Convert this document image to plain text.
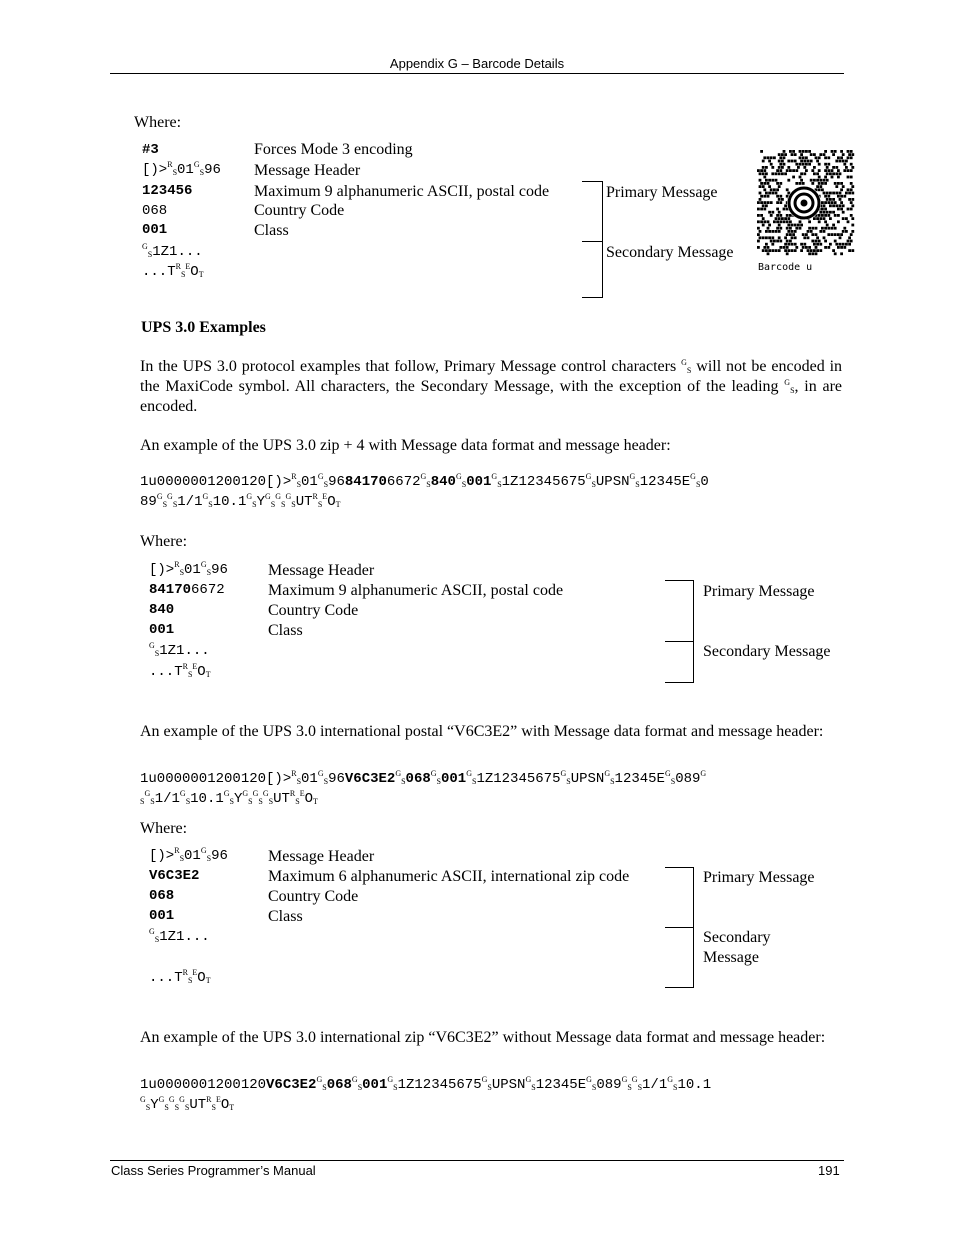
Appendix G – Barcode Details
Where:
#3	Forces Mode 3 encoding
$[)>^R_S01^G_S96$ Message Header
123456	Maximum 9 alphanumeric ASCII, postal code
068	Country Code
001	Class
$^G_S$1Z1...
$...T^R_S^EO_T$
Primary Message
Secondary Message
Barcode u
UPS 3.0 Examples
In the UPS 3.0 protocol examples that follow, Primary Message control characters $^G_S$ will not be encoded in the MaxiCode symbol. All characters, the Secondary Message, with the exception of the leading $^G_S$, in are encoded.
An example of the UPS 3.0 zip + 4 with Message data format and message header:
$1u0000001200120[)>^R_S01^G_S96841706672^G_S840^G_S001^G_S1Z12345675^G_SUPSN^G_S12345E^G_S0$
$89^G_S^G_S1/1^G_S10.1^G_SY^G_S^G_S^G_SUT^R_S^EO_T$
Where:
$[)>^R_S01^G_S96$	Message Header
841706672	Maximum 9 alphanumeric ASCII, postal code
840	Country Code
001	Class
$^G_S$1Z1...
$...T^R_S^EO_T$
Primary Message
Secondary Message
An example of the UPS 3.0 international postal “V6C3E2” with Message data format and message header:
$1u0000001200120[)>^R_S01^G_S96V6C3E2^G_S068^G_S001^G_S1Z12345675^G_SUPSN^G_S12345E^G_S089^G$
$_S^G_S1/1^G_S10.1^G_SY^G_S^G_S^G_SUT^R_S^EO_T$
Where:
$[)>^R_S01^G_S96$	Message Header
V6C3E2	Maximum 6 alphanumeric ASCII, international zip code
068	Country Code
001	Class
$^G_S$1Z1...
$...T^R_S^EO_T$
Primary Message
Secondary
Message
An example of the UPS 3.0 international zip “V6C3E2” without Message data format and message header:
$1u0000001200120V6C3E2^G_S068^G_S001^G_S1Z12345675^G_SUPSN^G_S12345E^G_S089^G_S^G_S1/1^G_S10.1$
$^G_SY^G_S^G_S^G_SUT^R_S^EO_T$
Class Series Programmer’s Manual	191
